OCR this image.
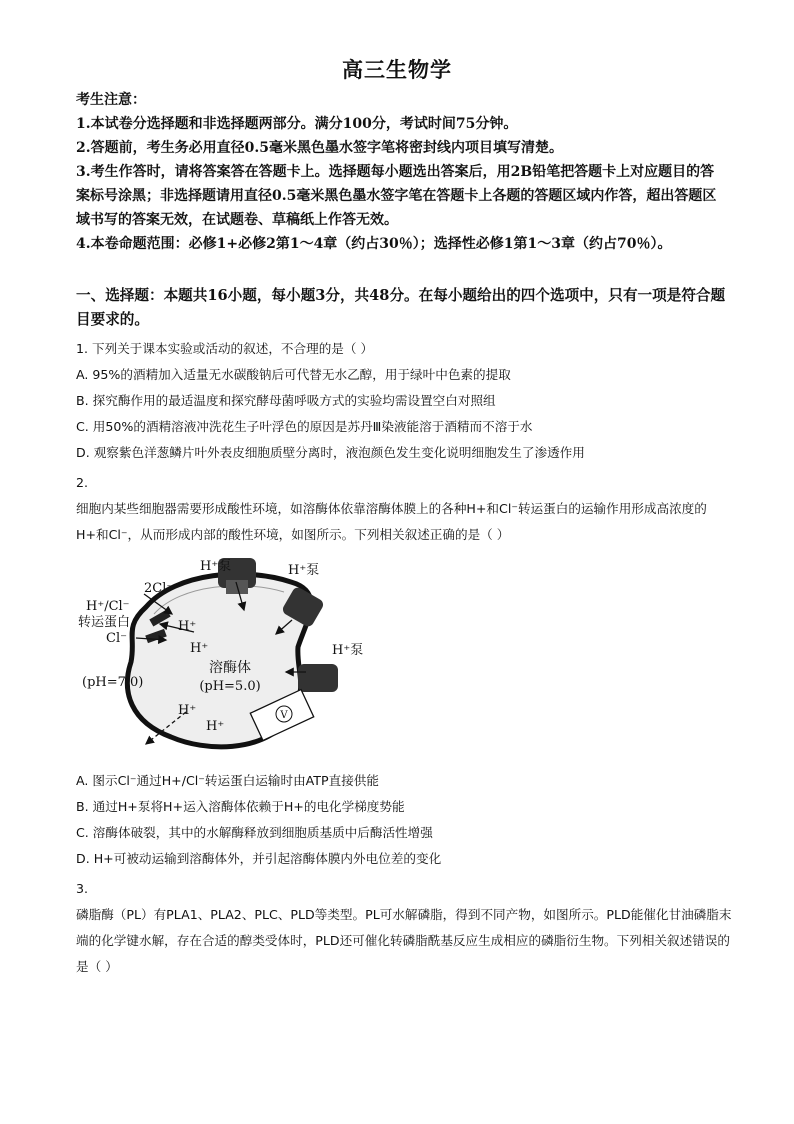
高三生物学

考生注意：

1.本试卷分选择题和非选择题两部分。满分100分，考试时间75分钟。

2.答题前，考生务必用直径0.5毫米黑色墨水签字笔将密封线内项目填写清楚。

3.考生作答时，请将答案答在答题卡上。选择题每小题选出答案后，用2B铅笔把答题卡上对应题目的答案标号涂黑；非选择题请用直径0.5毫米黑色墨水签字笔在答题卡上各题的答题区域内作答，超出答题区域书写的答案无效，在试题卷、草稿纸上作答无效。

4.本卷命题范围：必修1+必修2第1～4章（约占30％）；选择性必修1第1～3章（约占70％）。

一、选择题：本题共16小题，每小题3分，共48分。在每小题给出的四个选项中，只有一项是符合题目要求的。

1. 下列关于课本实验或活动的叙述，不合理的是（ ）

A. 95%的酒精加入适量无水碳酸钠后可代替无水乙醇，用于绿叶中色素的提取

B. 探究酶作用的最适温度和探究酵母菌呼吸方式的实验均需设置空白对照组

C. 用50%的酒精溶液冲洗花生子叶浮色的原因是苏丹Ⅲ染液能溶于酒精而不溶于水

D. 观察紫色洋葱鳞片叶外表皮细胞质壁分离时，液泡颜色发生变化说明细胞发生了渗透作用

2.

细胞内某些细胞器需要形成酸性环境，如溶酶体依靠溶酶体膜上的各种H+和Cl⁻转运蛋白的运输作用形成高浓度的H+和Cl⁻，从而形成内部的酸性环境，如图所示。下列相关叙述正确的是（ ）

V
H⁺泵	H⁺泵
H⁺泵
2Cl⁻
H⁺/Cl⁻
转运蛋白
Cl⁻
H⁺
H⁺
H⁺
H⁺
溶酶体
(pH=5.0)
(pH=7.0)

A. 图示Cl⁻通过H+/Cl⁻转运蛋白运输时由ATP直接供能

B. 通过H+泵将H+运入溶酶体依赖于H+的电化学梯度势能

C. 溶酶体破裂，其中的水解酶释放到细胞质基质中后酶活性增强

D. H+可被动运输到溶酶体外，并引起溶酶体膜内外电位差的变化

3.

磷脂酶（PL）有PLA1、PLA2、PLC、PLD等类型。PL可水解磷脂，得到不同产物，如图所示。PLD能催化甘油磷脂末端的化学键水解，存在合适的醇类受体时，PLD还可催化转磷脂酰基反应生成相应的磷脂衍生物。下列相关叙述错误的是（ ）
